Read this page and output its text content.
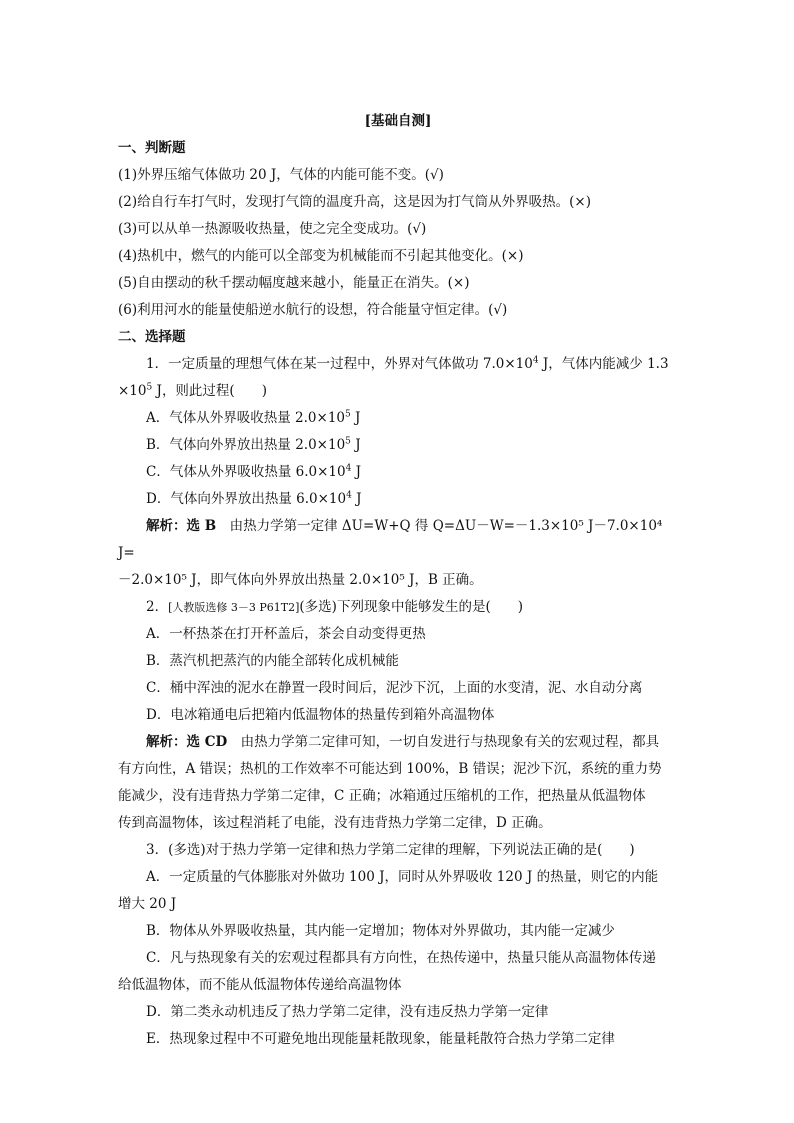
[基础自测]

一、判断题

(1)外界压缩气体做功 20 J，气体的内能可能不变。(√)

(2)给自行车打气时，发现打气筒的温度升高，这是因为打气筒从外界吸热。(×)

(3)可以从单一热源吸收热量，使之完全变成功。(√)

(4)热机中，燃气的内能可以全部变为机械能而不引起其他变化。(×)

(5)自由摆动的秋千摆动幅度越来越小，能量正在消失。(×)

(6)利用河水的能量使船逆水航行的设想，符合能量守恒定律。(√)

二、选择题

1．一定质量的理想气体在某一过程中，外界对气体做功 $7.0\times 10^4$ J，气体内能减少 1.3

$\times 10^5$ J，则此过程(　　)

A．气体从外界吸收热量 $2.0\times 10^5$ J

B．气体向外界放出热量 $2.0\times 10^5$ J

C．气体从外界吸收热量 $6.0\times 10^4$ J

D．气体向外界放出热量 $6.0\times 10^4$ J

解析：选 B　由热力学第一定律 ΔU=W+Q 得 Q=ΔU－W=－1.3×10⁵ J－7.0×10⁴ J=

－2.0×10⁵ J，即气体向外界放出热量 2.0×10⁵ J，B 正确。

2．[人教版选修 3－3 P61T2](多选)下列现象中能够发生的是(　　)

A．一杯热茶在打开杯盖后，茶会自动变得更热

B．蒸汽机把蒸汽的内能全部转化成机械能

C．桶中浑浊的泥水在静置一段时间后，泥沙下沉，上面的水变清，泥、水自动分离

D．电冰箱通电后把箱内低温物体的热量传到箱外高温物体

解析：选 CD　由热力学第二定律可知，一切自发进行与热现象有关的宏观过程，都具

有方向性，A 错误；热机的工作效率不可能达到 100%，B 错误；泥沙下沉，系统的重力势

能减少，没有违背热力学第二定律，C 正确；冰箱通过压缩机的工作，把热量从低温物体

传到高温物体，该过程消耗了电能，没有违背热力学第二定律，D 正确。

3．(多选)对于热力学第一定律和热力学第二定律的理解，下列说法正确的是(　　)

A．一定质量的气体膨胀对外做功 100 J，同时从外界吸收 120 J 的热量，则它的内能

增大 20 J

B．物体从外界吸收热量，其内能一定增加；物体对外界做功，其内能一定减少

C．凡与热现象有关的宏观过程都具有方向性，在热传递中，热量只能从高温物体传递

给低温物体，而不能从低温物体传递给高温物体

D．第二类永动机违反了热力学第二定律，没有违反热力学第一定律

E．热现象过程中不可避免地出现能量耗散现象，能量耗散符合热力学第二定律
